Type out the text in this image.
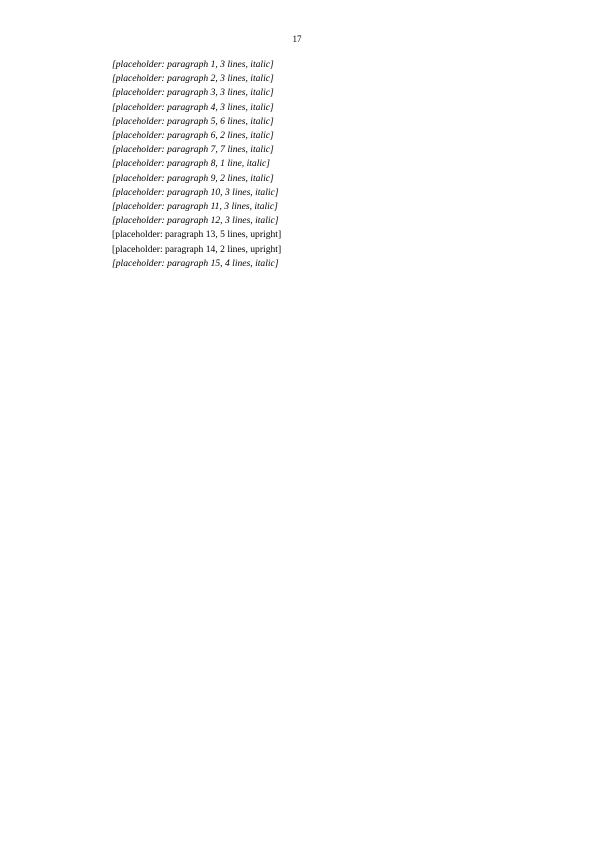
17

[placeholder: paragraph 1, 3 lines, italic]

[placeholder: paragraph 2, 3 lines, italic]

[placeholder: paragraph 3, 3 lines, italic]

[placeholder: paragraph 4, 3 lines, italic]

[placeholder: paragraph 5, 6 lines, italic]

[placeholder: paragraph 6, 2 lines, italic]

[placeholder: paragraph 7, 7 lines, italic]

[placeholder: paragraph 8, 1 line, italic]

[placeholder: paragraph 9, 2 lines, italic]

[placeholder: paragraph 10, 3 lines, italic]

[placeholder: paragraph 11, 3 lines, italic]

[placeholder: paragraph 12, 3 lines, italic]

[placeholder: paragraph 13, 5 lines, upright]

[placeholder: paragraph 14, 2 lines, upright]

[placeholder: paragraph 15, 4 lines, italic]
